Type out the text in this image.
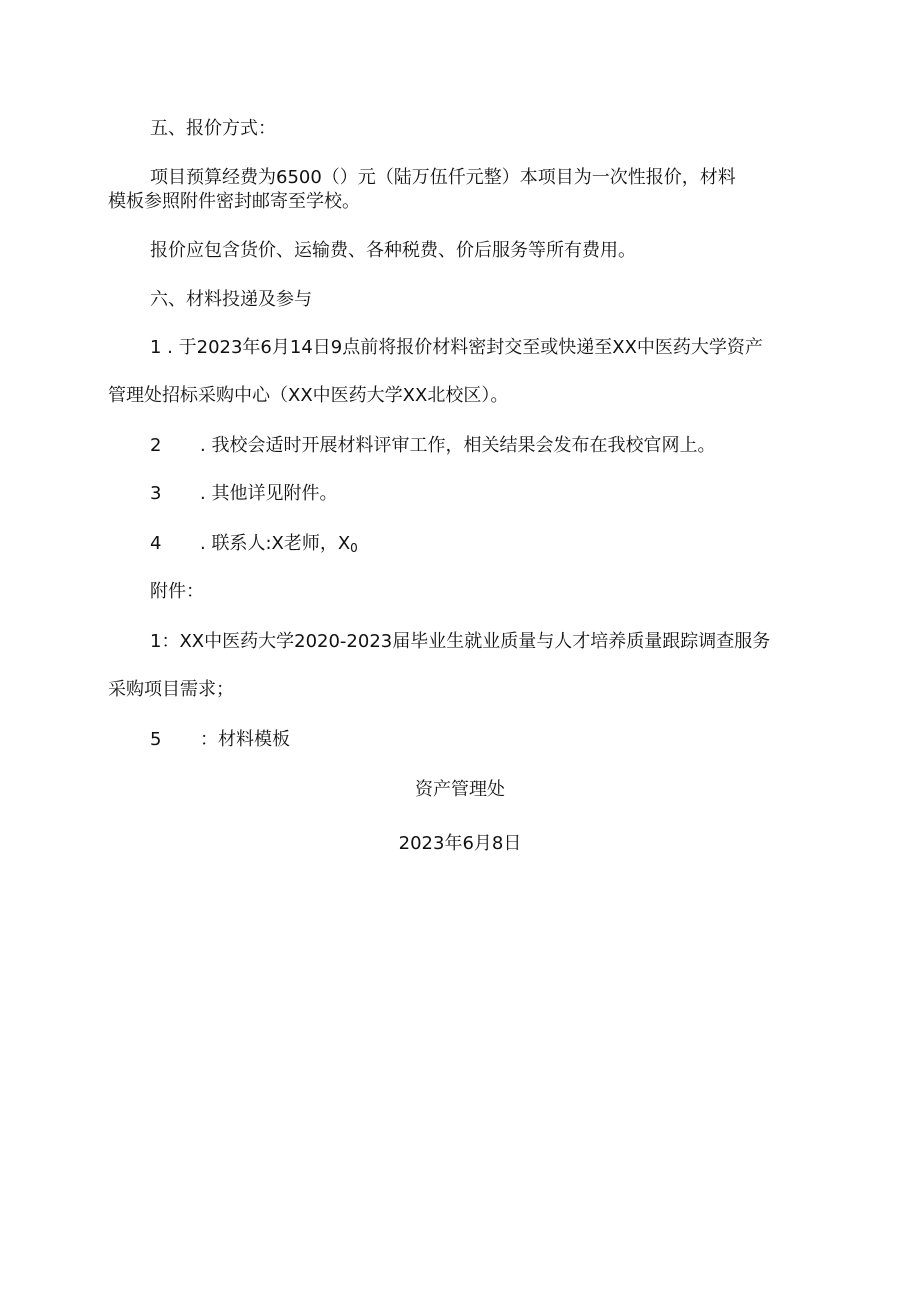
五、报价方式：
项目预算经费为6500（）元（陆万伍仟元整）本项目为一次性报价，材料
模板参照附件密封邮寄至学校。
报价应包含货价、运输费、各种税费、价后服务等所有费用。
六、材料投递及参与
1 . 于2023年6月14日9点前将报价材料密封交至或快递至XX中医药大学资产
管理处招标采购中心（XX中医药大学XX北校区）。
2 . 我校会适时开展材料评审工作，相关结果会发布在我校官网上。
3 . 其他详见附件。
4 . 联系人:X老师，$X_0$
附件：
1：XX中医药大学2020-2023届毕业生就业质量与人才培养质量跟踪调查服务
采购项目需求；
5 ：材料模板
资产管理处
2023年6月8日
